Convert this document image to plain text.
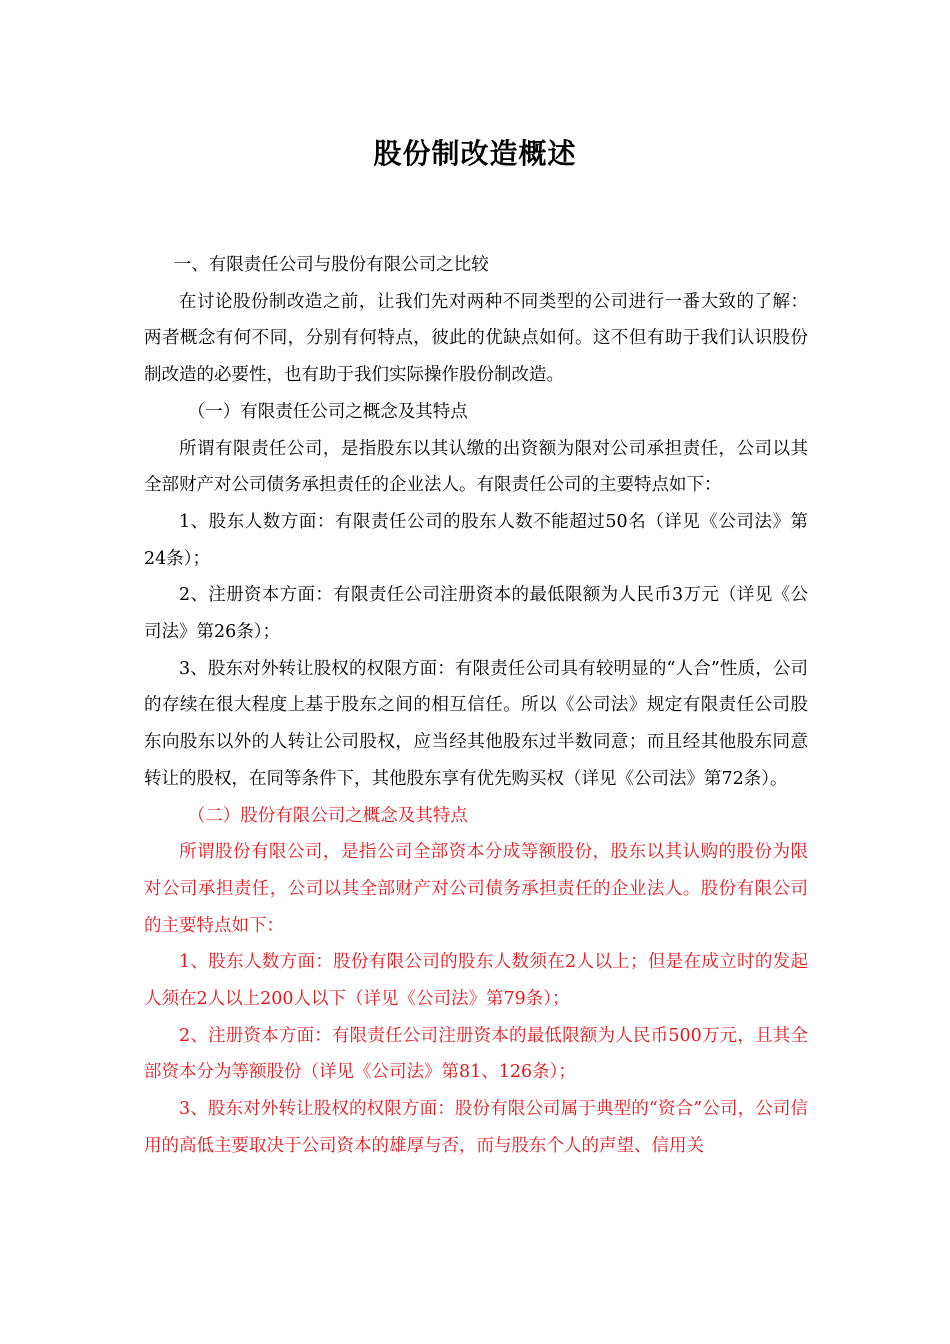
股份制改造概述

一、有限责任公司与股份有限公司之比较

在讨论股份制改造之前，让我们先对两种不同类型的公司进行一番大致的了解：两者概念有何不同，分别有何特点，彼此的优缺点如何。这不但有助于我们认识股份制改造的必要性，也有助于我们实际操作股份制改造。

（一）有限责任公司之概念及其特点

所谓有限责任公司，是指股东以其认缴的出资额为限对公司承担责任，公司以其全部财产对公司债务承担责任的企业法人。有限责任公司的主要特点如下：

1、股东人数方面：有限责任公司的股东人数不能超过50名（详见《公司法》第24条）；

2、注册资本方面：有限责任公司注册资本的最低限额为人民币3万元（详见《公司法》第26条）；

3、股东对外转让股权的权限方面：有限责任公司具有较明显的“人合”性质，公司的存续在很大程度上基于股东之间的相互信任。所以《公司法》规定有限责任公司股东向股东以外的人转让公司股权，应当经其他股东过半数同意；而且经其他股东同意转让的股权，在同等条件下，其他股东享有优先购买权（详见《公司法》第72条）。

（二）股份有限公司之概念及其特点

所谓股份有限公司，是指公司全部资本分成等额股份，股东以其认购的股份为限对公司承担责任，公司以其全部财产对公司债务承担责任的企业法人。股份有限公司的主要特点如下：

1、股东人数方面：股份有限公司的股东人数须在2人以上；但是在成立时的发起人须在2人以上200人以下（详见《公司法》第79条）；

2、注册资本方面：有限责任公司注册资本的最低限额为人民币500万元，且其全部资本分为等额股份（详见《公司法》第81、126条）；

3、股东对外转让股权的权限方面：股份有限公司属于典型的“资合”公司，公司信用的高低主要取决于公司资本的雄厚与否，而与股东个人的声望、信用关
